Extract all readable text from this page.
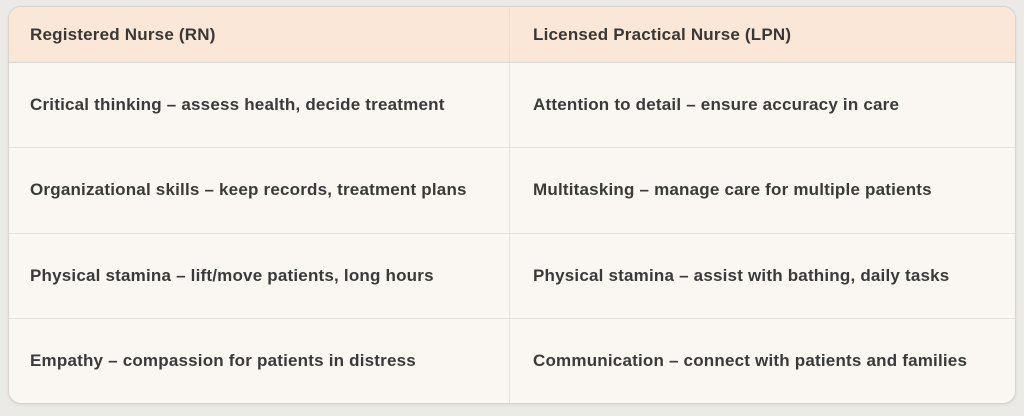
Registered Nurse (RN)	Licensed Practical Nurse (LPN)
Critical thinking – assess health, decide treatment	Attention to detail – ensure accuracy in care
Organizational skills – keep records, treatment plans	Multitasking – manage care for multiple patients
Physical stamina – lift/move patients, long hours	Physical stamina – assist with bathing, daily tasks
Empathy – compassion for patients in distress	Communication – connect with patients and families
